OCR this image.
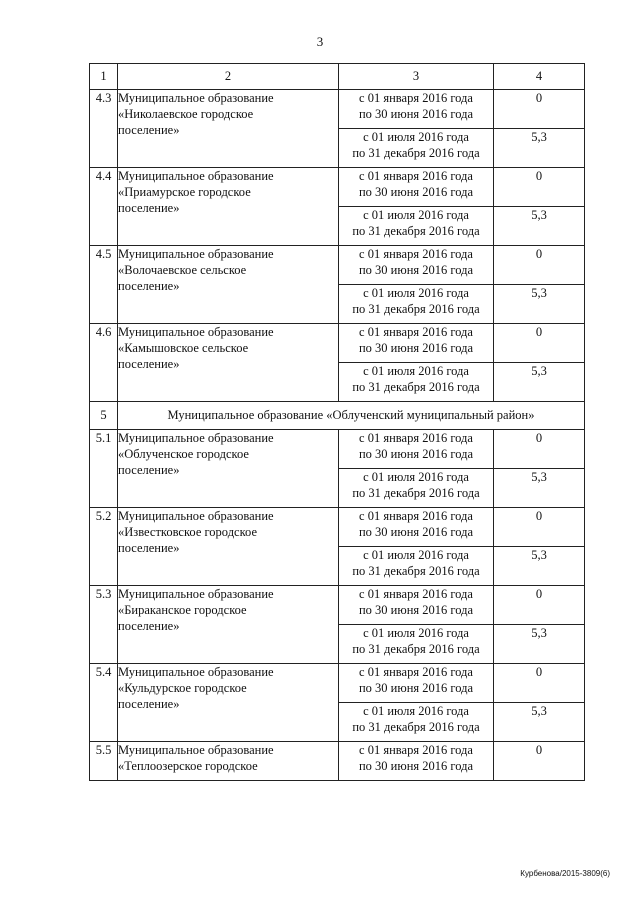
3
1	2	3	4
4.3	Муниципальное образование
«Николаевское городское
поселение»	с 01 января 2016 года
по 30 июня 2016 года	0

		с 01 июля 2016 года
по 31 декабря 2016 года	5,3
4.4	Муниципальное образование
«Приамурское городское
поселение»	с 01 января 2016 года
по 30 июня 2016 года	0

		с 01 июля 2016 года
по 31 декабря 2016 года	5,3
4.5	Муниципальное образование
«Волочаевское сельское
поселение»	с 01 января 2016 года
по 30 июня 2016 года	0

		с 01 июля 2016 года
по 31 декабря 2016 года	5,3
4.6	Муниципальное образование
«Камышовское сельское
поселение»	с 01 января 2016 года
по 30 июня 2016 года	0

		с 01 июля 2016 года
по 31 декабря 2016 года	5,3
5	Муниципальное образование «Облученский муниципальный район»		
5.1	Муниципальное образование
«Облученское городское
поселение»	с 01 января 2016 года
по 30 июня 2016 года	0

		с 01 июля 2016 года
по 31 декабря 2016 года	5,3
5.2	Муниципальное образование
«Известковское городское
поселение»	с 01 января 2016 года
по 30 июня 2016 года	0

		с 01 июля 2016 года
по 31 декабря 2016 года	5,3
5.3	Муниципальное образование
«Бираканское городское
поселение»	с 01 января 2016 года
по 30 июня 2016 года	0

		с 01 июля 2016 года
по 31 декабря 2016 года	5,3
5.4	Муниципальное образование
«Кульдурское городское
поселение»	с 01 января 2016 года
по 30 июня 2016 года	0

		с 01 июля 2016 года
по 31 декабря 2016 года	5,3
5.5	Муниципальное образование
«Теплоозерское городское	с 01 января 2016 года
по 30 июня 2016 года	0
Курбенова/2015-3809(6)
